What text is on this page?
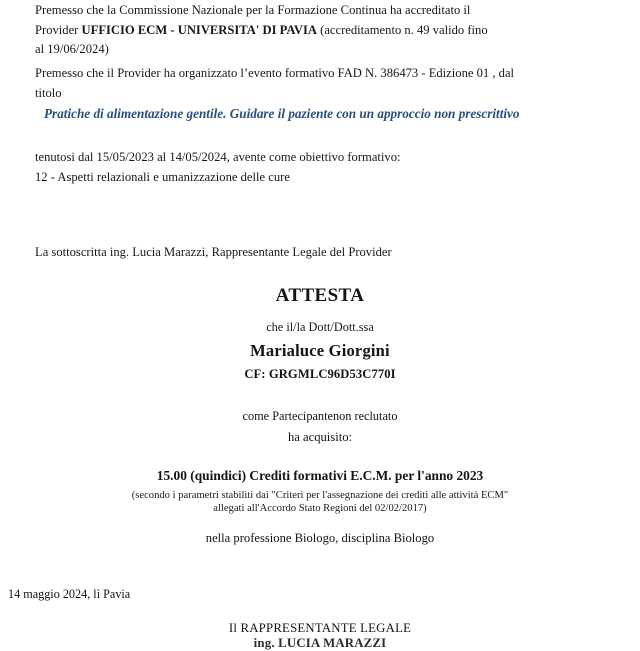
Premesso che la Commissione Nazionale per la Formazione Continua ha accreditato il
Provider UFFICIO ECM - UNIVERSITA' DI PAVIA (accreditamento n. 49 valido fino
al 19/06/2024)
Premesso che il Provider ha organizzato l’evento formativo FAD N. 386473 - Edizione 01 , dal
titolo
Pratiche di alimentazione gentile. Guidare il paziente con un approccio non prescrittivo
tenutosi dal 15/05/2023 al 14/05/2024, avente come obiettivo formativo:
12 - Aspetti relazionali e umanizzazione delle cure
La sottoscritta ing. Lucia Marazzi, Rappresentante Legale del Provider
ATTESTA
che il/la Dott/Dott.ssa
Marialuce Giorgini
CF: GRGMLC96D53C770I
come Partecipantenon reclutato
ha acquisito:
15.00 (quindici) Crediti formativi E.C.M. per l'anno 2023
(secondo i parametri stabiliti dai "Criteri per l'assegnazione dei crediti alle attività ECM"
allegati all'Accordo Stato Regioni del 02/02/2017)
nella professione Biologo, disciplina Biologo
14 maggio 2024, lì Pavia
Il RAPPRESENTANTE LEGALE
ing. LUCIA MARAZZI
